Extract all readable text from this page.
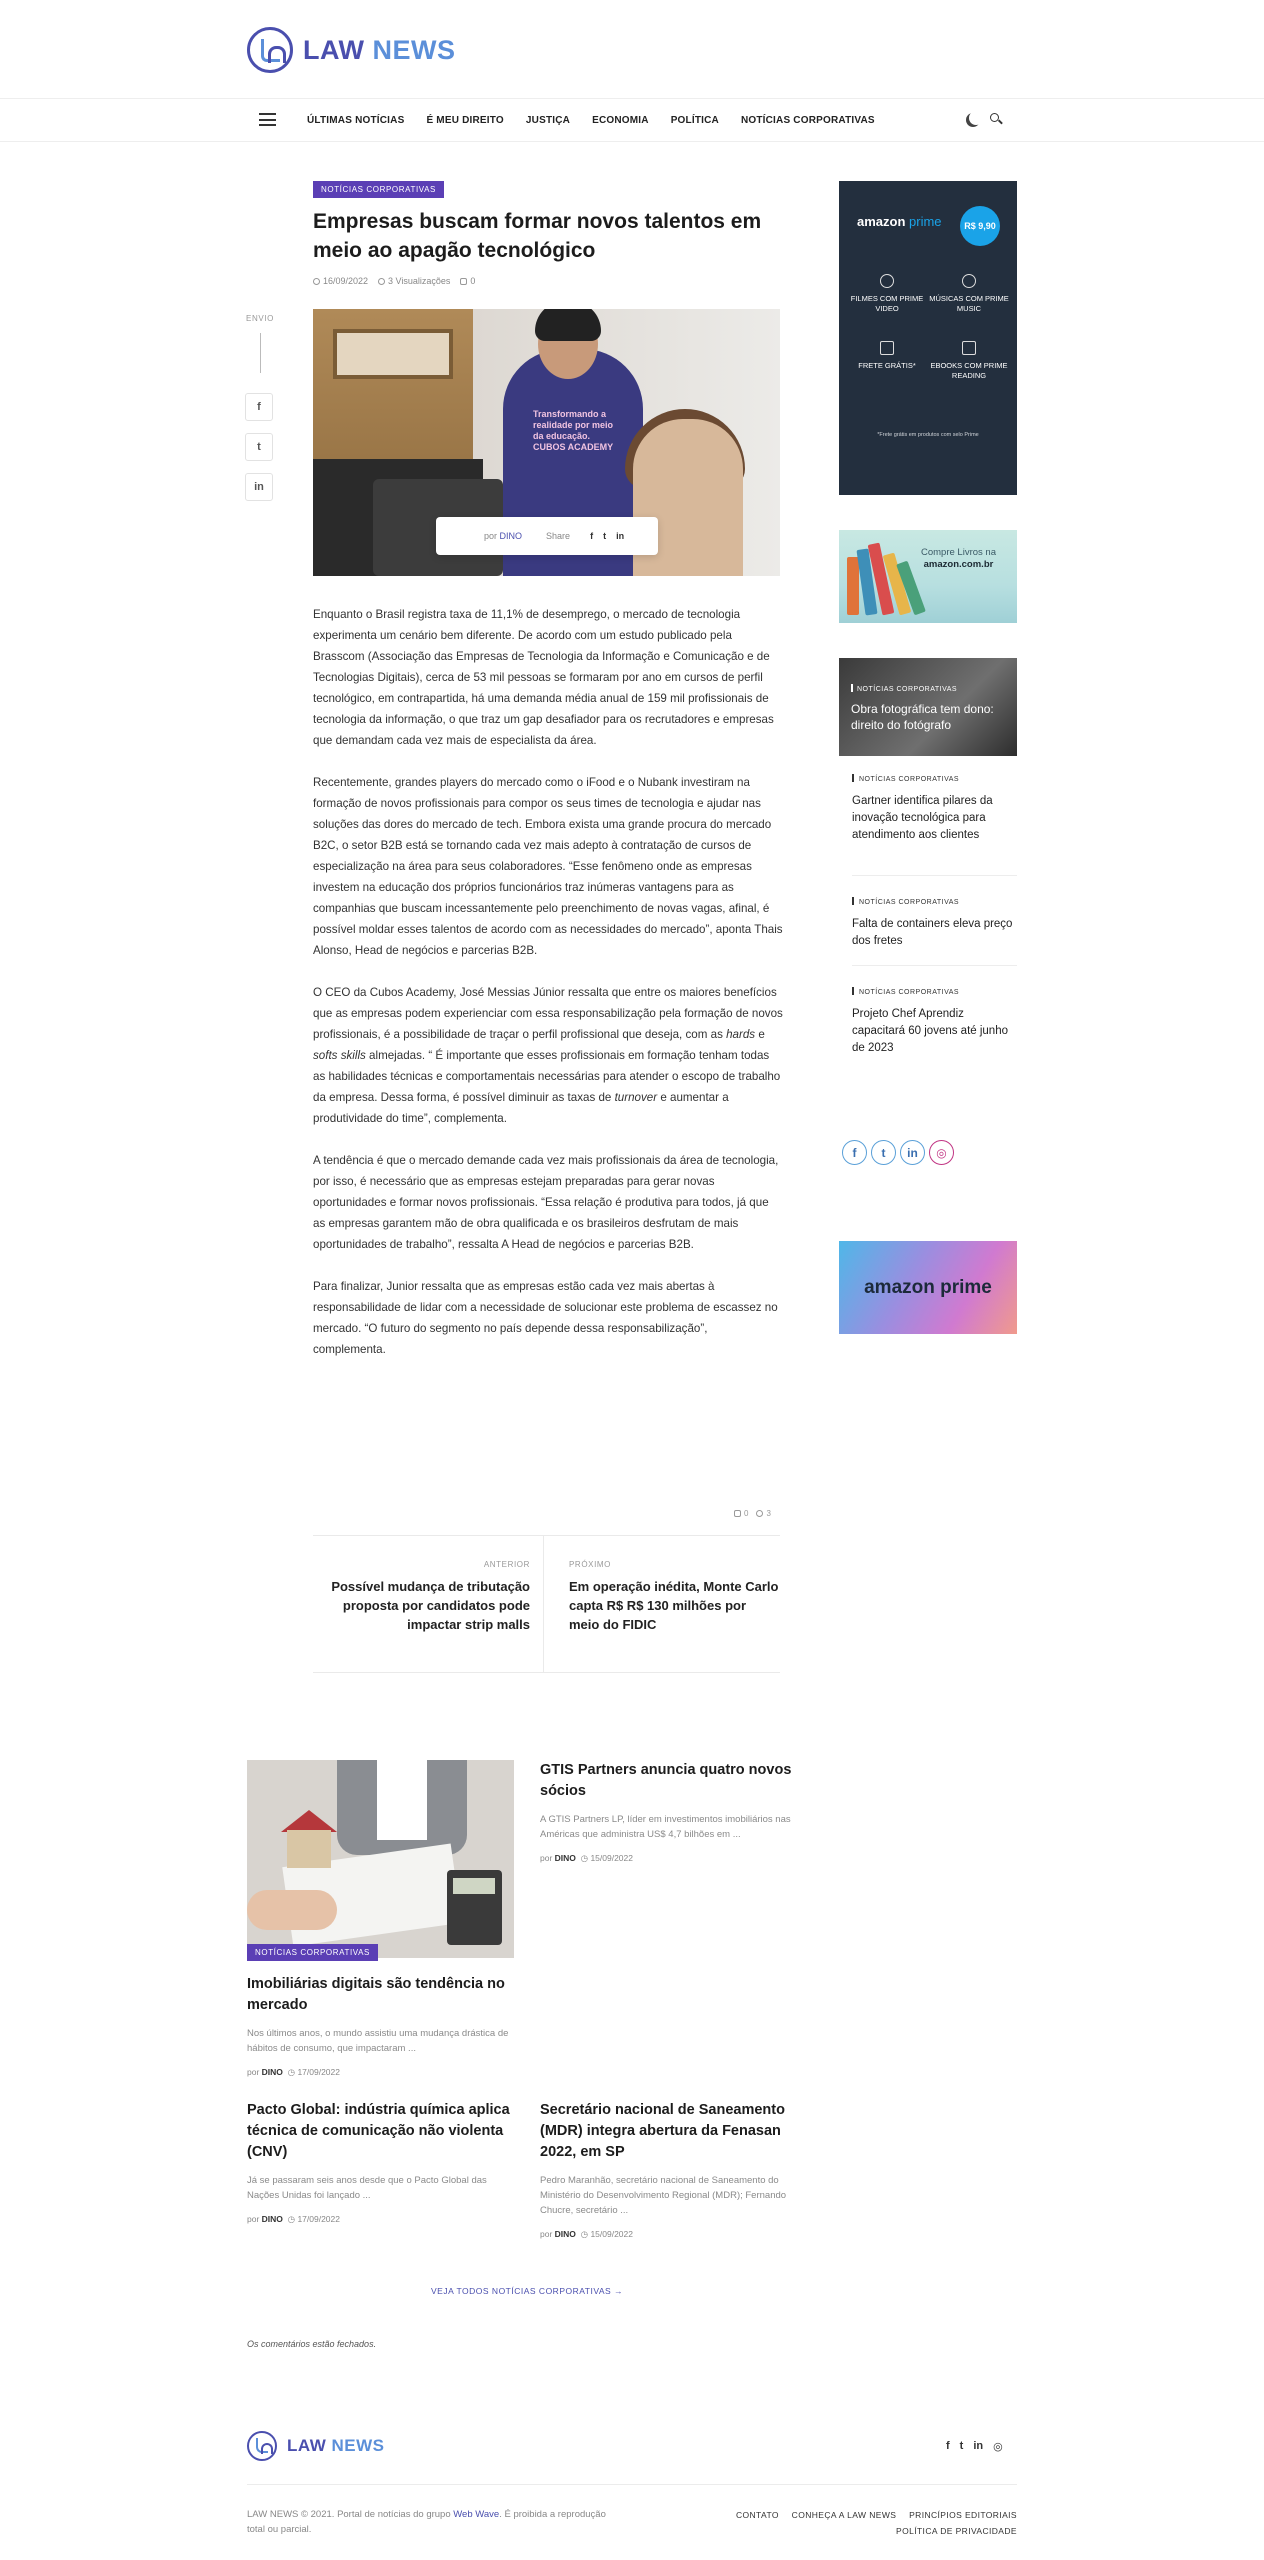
LAW NEWS
ÚLTIMAS NOTÍCIAS É MEU DIREITO JUSTIÇA ECONOMIA POLÍTICA NOTÍCIAS CORPORATIVAS
NOTÍCIAS CORPORATIVAS
Empresas buscam formar novos talentos em meio ao apagão tecnológico
16/09/2022	3 Visualizações	0
ENVIO
f
t
in
Transformando a realidade por meio da educação. CUBOS ACADEMY
por DINO	Share f t in

Enquanto o Brasil registra taxa de 11,1% de desemprego, o mercado de tecnologia experimenta um cenário bem diferente. De acordo com um estudo publicado pela Brasscom (Associação das Empresas de Tecnologia da Informação e Comunicação e de Tecnologias Digitais), cerca de 53 mil pessoas se formaram por ano em cursos de perfil tecnológico, em contrapartida, há uma demanda média anual de 159 mil profissionais de tecnologia da informação, o que traz um gap desafiador para os recrutadores e empresas que demandam cada vez mais de especialista da área.

Recentemente, grandes players do mercado como o iFood e o Nubank investiram na formação de novos profissionais para compor os seus times de tecnologia e ajudar nas soluções das dores do mercado de tech. Embora exista uma grande procura do mercado B2C, o setor B2B está se tornando cada vez mais adepto à contratação de cursos de especialização na área para seus colaboradores. “Esse fenômeno onde as empresas investem na educação dos próprios funcionários traz inúmeras vantagens para as companhias que buscam incessantemente pelo preenchimento de novas vagas, afinal, é possível moldar esses talentos de acordo com as necessidades do mercado”, aponta Thais Alonso, Head de negócios e parcerias B2B.

O CEO da Cubos Academy, José Messias Júnior ressalta que entre os maiores benefícios que as empresas podem experienciar com essa responsabilização pela formação de novos profissionais, é a possibilidade de traçar o perfil profissional que deseja, com as hards e softs skills almejadas. “ É importante que esses profissionais em formação tenham todas as habilidades técnicas e comportamentais necessárias para atender o escopo de trabalho da empresa. Dessa forma, é possível diminuir as taxas de turnover e aumentar a produtividade do time”, complementa.

A tendência é que o mercado demande cada vez mais profissionais da área de tecnologia, por isso, é necessário que as empresas estejam preparadas para gerar novas oportunidades e formar novos profissionais. “Essa relação é produtiva para todos, já que as empresas garantem mão de obra qualificada e os brasileiros desfrutam de mais oportunidades de trabalho”, ressalta A Head de negócios e parcerias B2B.

Para finalizar, Junior ressalta que as empresas estão cada vez mais abertas à responsabilidade de lidar com a necessidade de solucionar este problema de escassez no mercado. “O futuro do segmento no país depende dessa responsabilização”, complementa.

0	3
ANTERIOR
Possível mudança de tributação proposta por candidatos pode impactar strip malls
PRÓXIMO
Em operação inédita, Monte Carlo capta R$ R$ 130 milhões por meio do FIDIC
NOTÍCIAS CORPORATIVAS
Imobiliárias digitais são tendência no mercado
Nos últimos anos, o mundo assistiu uma mudança drástica de hábitos de consumo, que impactaram ...
por DINO  ◷ 17/09/2022
GTIS Partners anuncia quatro novos sócios
A GTIS Partners LP, líder em investimentos imobiliários nas Américas que administra US$ 4,7 bilhões em ...
por DINO  ◷ 15/09/2022
Pacto Global: indústria química aplica técnica de comunicação não violenta (CNV)
Já se passaram seis anos desde que o Pacto Global das Nações Unidas foi lançado ...
por DINO  ◷ 17/09/2022
Secretário nacional de Saneamento (MDR) integra abertura da Fenasan 2022, em SP
Pedro Maranhão, secretário nacional de Saneamento do Ministério do Desenvolvimento Regional (MDR); Fernando Chucre, secretário ...
por DINO  ◷ 15/09/2022
VEJA TODOS NOTÍCIAS CORPORATIVAS →
Os comentários estão fechados.
amazon prime	R$ 9,90
FILMES COM PRIME VIDEO
MÚSICAS COM PRIME MUSIC
FRETE GRÁTIS*	EBOOKS COM PRIME READING
*Frete grátis em produtos com selo Prime
Compre Livros na
amazon.com.br
NOTÍCIAS CORPORATIVAS
Obra fotográfica tem dono: direito do fotógrafo
NOTÍCIAS CORPORATIVAS
Gartner identifica pilares da inovação tecnológica para atendimento aos clientes
NOTÍCIAS CORPORATIVAS
Falta de containers eleva preço dos fretes
NOTÍCIAS CORPORATIVAS
Projeto Chef Aprendiz capacitará 60 jovens até junho de 2023
f	t	in	◎
amazon prime
LAW NEWS	f t in ◎
LAW NEWS © 2021. Portal de notícias do grupo Web Wave. É proibida a reprodução total ou parcial.
CONTATO CONHEÇA A LAW NEWS PRINCÍPIOS EDITORIAIS
POLÍTICA DE PRIVACIDADE
